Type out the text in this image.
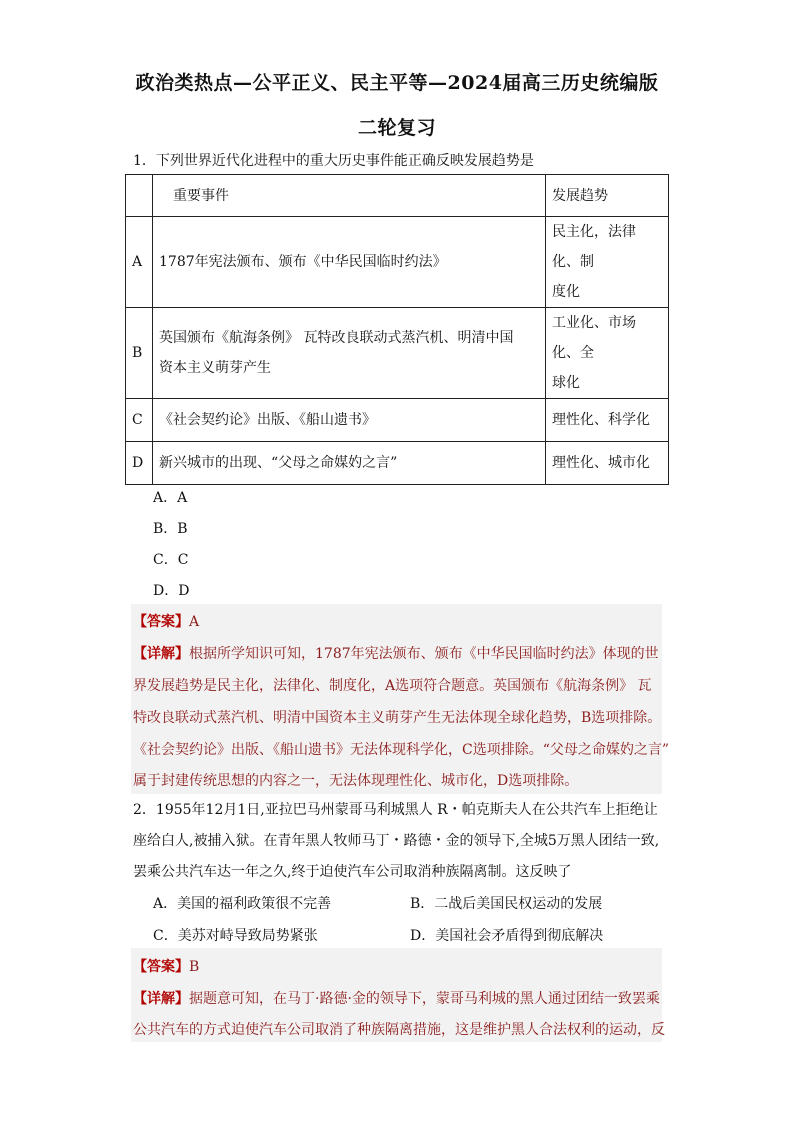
政治类热点—公平正义、民主平等—2024届高三历史统编版
二轮复习
1．下列世界近代化进程中的重大历史事件能正确反映发展趋势是
	重要事件	发展趋势
A	1787年宪法颁布、颁布《中华民国临时约法》	民主化，法律化、制
度化
B	英国颁布《航海条例》 瓦特改良联动式蒸汽机、明清中国
资本主义萌芽产生	工业化、市场化、全
球化
C	《社会契约论》出版、《船山遗书》	理性化、科学化
D	新兴城市的出现、“父母之命媒妁之言”	理性化、城市化
A．A
B．B
C．C
D．D
【答案】A
【详解】根据所学知识可知，1787年宪法颁布、颁布《中华民国临时约法》体现的世
界发展趋势是民主化，法律化、制度化，A选项符合题意。英国颁布《航海条例》 瓦
特改良联动式蒸汽机、明清中国资本主义萌芽产生无法体现全球化趋势，B选项排除。
《社会契约论》出版、《船山遗书》无法体现科学化，C选项排除。“父母之命媒妁之言”
属于封建传统思想的内容之一，无法体现理性化、城市化，D选项排除。
2．1955年12月1日,亚拉巴马州蒙哥马利城黑人 R・帕克斯夫人在公共汽车上拒绝让
座给白人,被捕入狱。在青年黑人牧师马丁・路德・金的领导下,全城5万黑人团结一致,
罢乘公共汽车达一年之久,终于迫使汽车公司取消种族隔离制。这反映了
A．美国的福利政策很不完善	B．二战后美国民权运动的发展
C．美苏对峙导致局势紧张	D．美国社会矛盾得到彻底解决
【答案】B
【详解】据题意可知，在马丁·路德·金的领导下，蒙哥马利城的黑人通过团结一致罢乘
公共汽车的方式迫使汽车公司取消了种族隔离措施，这是维护黑人合法权利的运动，反
